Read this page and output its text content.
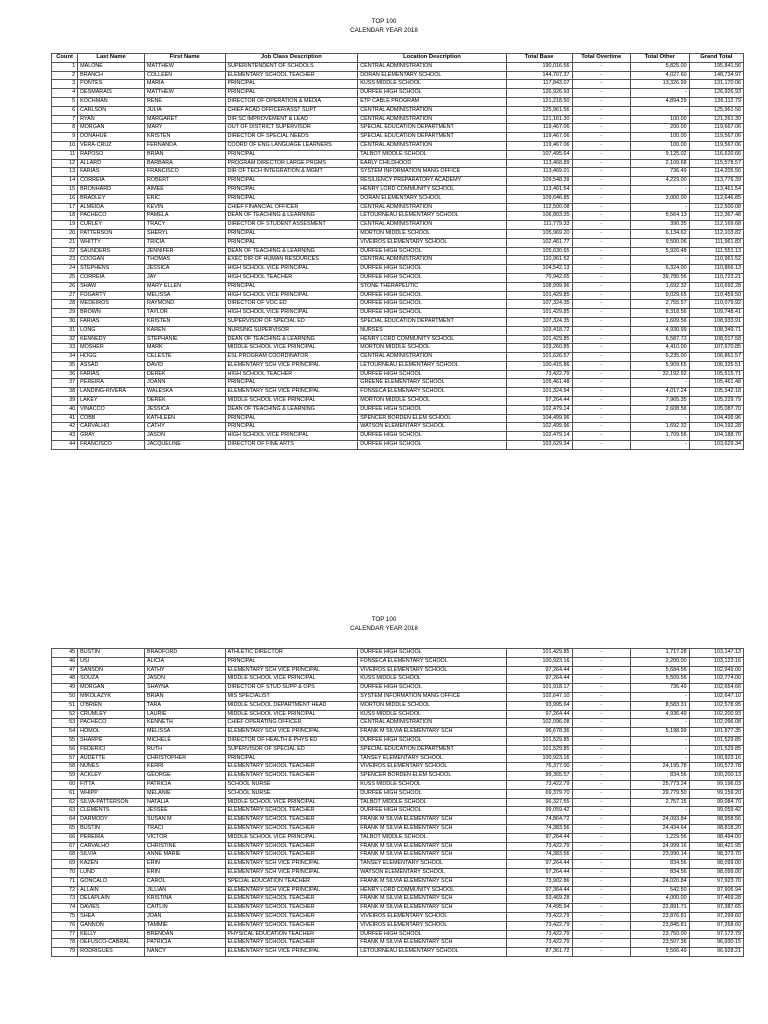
TOP 100
CALENDAR YEAR 2018
Count	Last Name	First Name	Job Class Description	Location Description	Total Base	Total Overtime	Total Other	Grand Total
1	MALONE	MATTHEW	SUPERINTENDENT OF SCHOOLS	CENTRAL ADMINISTRATION	190,016.56	-	5,825.00	195,841.56
2	BRANCH	COLLEEN	ELEMENTARY SCHOOL TEACHER	DORAN ELEMENTARY SCHOOL	144,707.37	-	4,027.60	148,734.97
3	PONTES	MARIA	PRINCIPAL	KUSS MIDDLE SCHOOL	117,843.07	-	13,326.99	131,170.06
4	DESMARAIS	MATTHEW	PRINCIPAL	DURFEE HIGH SCHOOL	126,926.93	-	-	126,926.93
5	KOCHMAN	RENE	DIRECTOR OF OPERATION & MEDIA	ETP CABLE PROGRAM	121,218.50	-	4,894.29	126,112.79
6	CARLSON	JULIA	CHIEF ACAD OFFICER/ASST SUPT	CENTRAL ADMINISTRATION	125,961.56	-	-	125,961.56
7	RYAN	MARGARET	DIR SC IMPROVEMENT & LEAD	CENTRAL ADMINISTRATION	121,161.30	-	100.00	121,261.30
8	MORGAN	MARY	OUT OF DISTRICT SUPERVISOR	SPECIAL EDUCATION DEPARTMENT	119,467.06	-	200.00	119,667.06
9	DONAHUE	KRISTEN	DIRECTOR OF SPECIAL NEEDS	SPECIAL EDUCATION DEPARTMENT	119,467.06	-	100.00	119,567.06
10	VERA-CRUZ	FERNANDA	COORD OF ENG LANGUAGE LEARNERS	CENTRAL ADMINISTRATION	119,467.06	-	100.00	119,567.06
11	RAPOSO	BRIAN	PRINCIPAL	TALBOT MIDDLE SCHOOL	107,495.64	-	9,125.02	116,620.66
12	ALLARD	BARBARA	PROGRAM DIRECTOR LARGE PRGMS	EARLY CHILDHOOD	113,468.89	-	2,109.68	115,578.57
13	FARIAS	FRANCISCO	DIR OF TECH INTEGRATION & MGMT	SYSTEM INFORMATION MANG OFFICE	113,469.01	-	736.49	114,205.50
14	CORREIA	ROBERT	PRINCIPAL	RESILIENCY PREPARATORY ACADEMY	109,548.39	-	4,229.00	113,776.39
15	BRONHARD	AIMEE	PRINCIPAL	HENRY LORD COMMUNITY SCHOOL	113,461.54	-	-	113,461.54
16	BRADLEY	ERIC	PRINCIPAL	DORAN ELEMENTARY SCHOOL	109,646.85	-	3,000.00	112,646.85
17	ALMEIDA	KEVIN	CHIEF FINANCIAL OFFICER	CENTRAL ADMINISTRATION	112,500.08	-	-	112,500.08
18	PACHECO	PAMELA	DEAN OF TEACHING & LEARNING	LETOURNEAU ELEMENTARY SCHOOL	106,803.35	-	5,564.13	112,367.48
19	CURLEY	TRACY	DIRECTOR OF STUDENT ASSESMENT	CENTRAL ADMINISTRATION	111,779.33	-	390.35	112,169.68
20	PATTERSON	SHERYL	PRINCIPAL	MORTON MIDDLE SCHOOL	105,969.20	-	6,134.62	112,103.82
21	WHITTY	TRICIA	PRINCIPAL	VIVEIROS ELEMENTARY SCHOOL	102,461.77	-	9,500.06	111,961.83
22	SAUNDERS	JENNIFER	DEAN OF TEACHING & LEARNING	DURFEE HIGH SCHOOL	105,630.65	-	5,920.48	111,551.13
23	COOGAN	THOMAS	EXEC DIR OF HUMAN RESOURCES	CENTRAL ADMINISTRATION	110,961.52	-	-	110,961.52
24	STEPHENS	JESSICA	HIGH SCHOOL VICE PRINCIPAL	DURFEE HIGH SCHOOL	104,542.13	-	6,324.00	110,866.13
25	CORREIA	JAY	HIGH SCHOOL TEACHER	DURFEE HIGH SCHOOL	70,942.65	-	39,780.56	110,723.21
26	SHAW	MARY ELLEN	PRINCIPAL	STONE THERAPEUTIC	108,999.96	-	1,692.32	110,692.28
27	FOGARTY	MELISSA	HIGH SCHOOL VICE PRINCIPAL	DURFEE HIGH SCHOOL	101,429.85	-	9,029.65	110,459.50
28	MEDEIROS	RAYMOND	DIRECTOR OF VOC ED	DURFEE HIGH SCHOOL	107,324.35	-	2,755.57	110,079.92
29	BROWN	TAYLOR	HIGH SCHOOL VICE PRINCIPAL	DURFEE HIGH SCHOOL	101,429.85	-	8,318.56	109,748.41
30	FARIAS	KRISTEN	SUPERVISOR OF SPECIAL ED	SPECIAL EDUCATION DEPARTMENT	107,324.35	-	1,609.56	108,933.91
31	LONG	KAREN	NURSING SUPERVISOR	NURSES	103,418.72	-	4,930.99	108,349.71
32	KENNEDY	STEPHANIE	DEAN OF TEACHING & LEARNING	HENRY LORD COMMUNITY SCHOOL	101,429.85	-	6,587.73	108,017.58
33	MOSHER	MARK	MIDDLE SCHOOL VICE PRINCIPAL	MORTON MIDDLE SCHOOL	103,260.85	-	4,410.00	107,670.85
34	HOGG	CELESTE	ESL PROGRAM COORDINATOR	CENTRAL ADMINISTRATION	101,626.57	-	5,235.00	106,861.57
35	ASSAD	DAVID	ELEMENTARY SCH VICE PRINCIPAL	LETOURNEAU ELEMENTARY SCHOOL	100,415.86	-	5,909.65	106,325.51
36	FARIAS	DEREK	HIGH SCHOOL TEACHER	DURFEE HIGH SCHOOL	73,422.79	-	32,192.92	105,615.71
37	PEREIRA	JOANN	PRINCIPAL	GREENE ELEMENTARY SCHOOL	105,461.48	-	-	105,461.48
38	LANDING-RIVERA	WALESKA	ELEMENTARY SCH VICE PRINCIPAL	FONSECA ELEMENARY SCHOOL	101,324.94	-	4,017.24	105,342.18
39	LAKEY	DEREK	MIDDLE SCHOOL VICE PRINCIPAL	MORTON MIDDLE SCHOOL	97,264.44	-	7,965.35	105,229.79
40	VINACCO	JESSICA	DEAN OF TEACHING & LEARNING	DURFEE HIGH SCHOOL	102,479.14	-	2,608.56	105,087.70
41	COBB	KATHLEEN	PRINCIPAL	SPENCER BORDEN ELEM SCHOOL	104,499.96	-	-	104,499.96
42	CARVALHO	CATHY	PRINCIPAL	WATSON ELEMENTARY SCHOOL	102,499.96	-	1,692.32	104,192.28
43	GRAY	JASON	HIGH SCHOOL VICE PRINCIPAL	DURFEE HIGH SCHOOL	102,479.14	-	1,709.56	104,188.70
44	FRANCISCO	JACQUELINE	DIRECTOR OF FINE ARTS	DURFEE HIGH SCHOOL	103,629.34	-	-	103,629.34
TOP 100
CALENDAR YEAR 2018
45	BUSTIN	BRADFORD	ATHLETIC DIRECTOR	DURFEE HIGH SCHOOL	101,429.85	-	1,717.28	103,147.13
46	USI	ALICIA	PRINCIPAL	FONSECA ELEMENTARY SCHOOL	100,923.16	-	2,200.00	103,123.16
47	SANSON	KATHY	ELEMENTARY SCH VICE PRINCIPAL	VIVEIROS ELEMENTARY SCHOOL	97,264.44	-	5,684.56	102,949.00
48	SOUZA	JASON	MIDDLE SCHOOL VICE PRINCIPAL	KUSS MIDDLE SCHOOL	97,264.44	-	5,509.56	102,774.00
49	MORGAN	SHAYNA	DIRECTOR OF STUD SUPP & OPS	DURFEE HIGH SCHOOL	101,918.17	-	736.49	102,654.66
50	MIKOLAZYK	BRIAN	MIS SPECIALIST	SYSTEM INFORMATION MANG OFFICE	102,647.10	-	-	102,647.10
51	O'BRIEN	TARA	MIDDLE SCHOOL DEPARTMENT HEAD	MORTON MIDDLE SCHOOL	93,995.64	-	8,583.31	102,578.95
52	CRUMLEY	LAURIE	MIDDLE SCHOOL VICE PRINCIPAL	KUSS MIDDLE SCHOOL	97,264.44	-	4,936.49	102,200.93
53	PACHECO	KENNETH	CHIEF OPERATING OFFICER	CENTRAL ADMINISTRATION	102,096.08	-	-	102,096.08
54	HOMOL	MELISSA	ELEMENTARY SCH VICE PRINCIPAL	FRANK M SILVIA ELEMENTARY SCH	96,678.36	-	5,198.99	101,877.35
55	SHARPE	MICHELE	DIRECTOR OF HEALTH & PHYS ED	DURFEE HIGH SCHOOL	101,529.85	-	-	101,529.85
56	FEDERICI	RUTH	SUPERVISOR OF SPECIAL ED	SPECIAL EDUCATION DEPARTMENT	101,529.85	-	-	101,529.85
57	AUDETTE	CHRISTOPHER	PRINCIPAL	TANSEY ELEMENTARY SCHOOL	100,923.16	-	-	100,923.16
58	NUNES	KERRI	ELEMENTARY SCHOOL TEACHER	VIVEIROS ELEMENTARY SCHOOL	76,377.00	-	24,195.78	100,572.78
59	ACKLEY	GEORGE	ELEMENTARY SCHOOL TEACHER	SPENCER BORDEN ELEM SCHOOL	99,365.57	-	834.56	100,200.13
60	FITTA	PATRICIA	SCHOOL NURSE	KUSS MIDDLE SCHOOL	73,422.79	-	25,773.24	99,196.03
61	WHIPP	MELANIE	SCHOOL NURSE	DURFEE HIGH SCHOOL	69,379.70	-	29,779.50	99,159.20
62	SILVA-PATTERSON	NATALIA	MIDDLE SCHOOL VICE PRINCIPAL	TALBOT MIDDLE SCHOOL	96,327.55	-	2,757.15	99,084.70
63	CLEMENTS	JESSEE	ELEMENTARY SCHOOL TEACHER	DURFEE HIGH SCHOOL	99,059.42	-	-	99,059.42
64	DARMODY	SUSAN M	ELEMENTARY SCHOOL TEACHER	FRANK M SILVIA ELEMENTARY SCH	74,864.72	-	24,093.84	98,958.56
65	BUSTIN	TRACI	ELEMENTARY SCHOOL TEACHER	FRANK M SILVIA ELEMENTARY SCH	74,383.56	-	24,434.64	98,818.20
66	PEREIRA	VICTOR	MIDDLE SCHOOL VICE PRINCIPAL	TALBOT MIDDLE SCHOOL	97,264.44	-	1,229.56	98,494.00
67	CARVALHO	CHRISTINE	ELEMENTARY SCHOOL TEACHER	FRANK M SILVIA ELEMENTARY SCH	73,422.79	-	24,999.16	98,421.95
68	SILVIA	ANNE MARIE	ELEMENTARY SCHOOL TEACHER	FRANK M SILVIA ELEMENTARY SCH	74,383.56	-	23,990.14	98,373.70
69	KAZEN	ERIN	ELEMENTARY SCH VICE PRINCIPAL	TANSEY ELEMENTARY SCHOOL	97,264.44	-	834.56	98,099.00
70	LUND	ERIN	ELEMENTARY SCH VICE PRINCIPAL	WATSON ELEMENTARY SCHOOL	97,264.44	-	834.56	98,099.00
71	GONCALO	CAROL	SPECIAL EDUCATION TEACHER	FRANK M SILVIA ELEMENTARY SCH	73,902.86	-	24,020.84	97,923.70
72	ALLAIN	JILLIAN	ELEMENTARY SCH VICE PRINCIPAL	HENRY LORD COMMUNITY SCHOOL	97,364.44	-	542.50	97,906.94
73	DELAPLAIN	KRISTINA	ELEMENTARY SCHOOL TEACHER	FRANK M SILVIA ELEMENTARY SCH	93,469.28	-	4,000.00	97,469.28
74	DAVIES	CAITLIN	ELEMENTARY SCHOOL TEACHER	FRANK M SILVIA ELEMENTARY SCH	74,495.94	-	22,891.71	97,387.65
75	SHEA	JOAN	ELEMENTARY SCHOOL TEACHER	VIVEIROS ELEMENTARY SCHOOL	73,422.79	-	23,876.81	97,299.60
76	GANNON	TAMMIE	ELEMENTARY SCHOOL TEACHER	VIVEIROS ELEMENTARY SCHOOL	73,422.79	-	23,845.81	97,268.60
77	KELLY	BRENDAN	PHYSICAL EDUCATION TEACHER	DURFEE HIGH SCHOOL	73,422.79	-	23,750.00	97,172.79
78	DEFUSCO-CABRAL	PATRICIA	ELEMENTARY SCHOOL TEACHER	FRANK M SILVIA ELEMENTARY SCH	73,422.79	-	23,507.36	96,930.15
79	RODRIGUES	NANCY	ELEMENTARY SCH VICE PRINCIPAL	LETOURNEAU ELEMENTARY SCHOOL	87,361.72	-	9,566.49	96,928.21
